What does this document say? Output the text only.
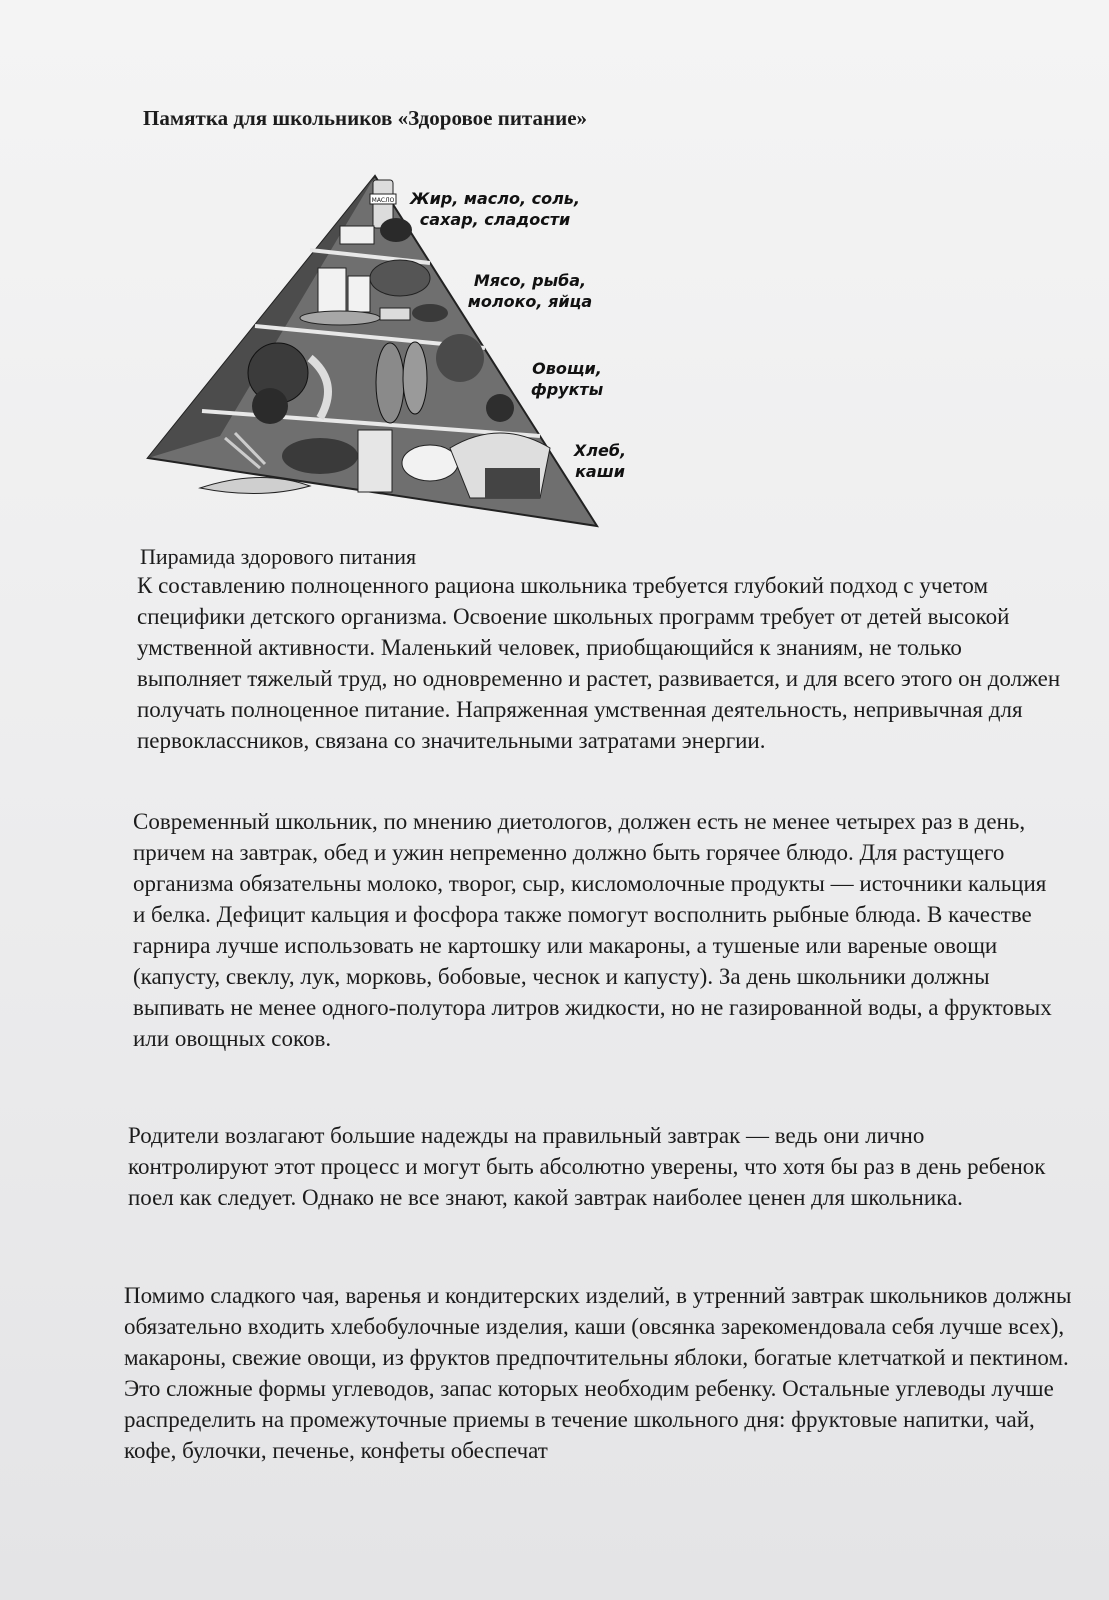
Памятка для школьников «Здоровое питание»
МАСЛО Жир, масло, соль,
сахар, сладости
Мясо, рыба,
молоко, яйца
Овощи,
фрукты
Хлеб,
каши

Пирамида здорового питания

К составлению полноценного рациона школьника требуется глубокий подход с учетом специфики детского организма. Освоение школьных программ требует от детей высокой умственной активности. Маленький человек, приобщающийся к знаниям, не только выполняет тяжелый труд, но одновременно и растет, развивается, и для всего этого он должен получать полноценное питание. Напряженная умственная деятельность, непривычная для первоклассников, связана со значительными затратами энергии.

Современный школьник, по мнению диетологов, должен есть не менее четырех раз в день, причем на завтрак, обед и ужин непременно должно быть горячее блюдо. Для растущего организма обязательны молоко, творог, сыр, кисломолочные продукты — источники кальция и белка. Дефицит кальция и фосфора также помогут восполнить рыбные блюда. В качестве гарнира лучше использовать не картошку или макароны, а тушеные или вареные овощи (капусту, свеклу, лук, морковь, бобовые, чеснок и капусту). За день школьники должны выпивать не менее одного-полутора литров жидкости, но не газированной воды, а фруктовых или овощных соков.

Родители возлагают большие надежды на правильный завтрак — ведь они лично контролируют этот процесс и могут быть абсолютно уверены, что хотя бы раз в день ребенок поел как следует. Однако не все знают, какой завтрак наиболее ценен для школьника.

Помимо сладкого чая, варенья и кондитерских изделий, в утренний завтрак школьников должны обязательно входить хлебобулочные изделия, каши (овсянка зарекомендовала себя лучше всех), макароны, свежие овощи, из фруктов предпочтительны яблоки, богатые клетчаткой и пектином. Это сложные формы углеводов, запас которых необходим ребенку. Остальные углеводы лучше распределить на промежуточные приемы в течение школьного дня: фруктовые напитки, чай, кофе, булочки, печенье, конфеты обеспечат
